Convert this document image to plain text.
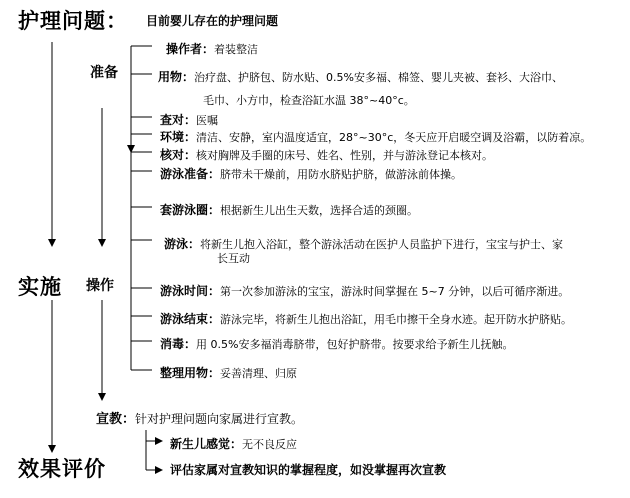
护理问题： 目前婴儿存在的护理问题
准备
操作者：着装整洁
用物：治疗盘、护脐包、防水贴、0.5%安多福、棉签、婴儿夹被、套衫、大浴巾、
毛巾、小方巾，检查浴缸水温 38°~40°c。
查对：医嘱
环境：清洁、安静，室内温度适宜，28°~30°c，冬天应开启暖空调及浴霸，以防着凉。
实施 操作
核对：核对胸牌及手圈的床号、姓名、性别，并与游泳登记本核对。
游泳准备：脐带未干燥前，用防水脐贴护脐，做游泳前体操。
套游泳圈：根据新生儿出生天数，选择合适的颈圈。
游泳：将新生儿抱入浴缸，整个游泳活动在医护人员监护下进行，宝宝与护士、家
长互动
游泳时间：第一次参加游泳的宝宝，游泳时间掌握在 5~7 分钟，以后可循序渐进。
游泳结束：游泳完毕，将新生儿抱出浴缸，用毛巾擦干全身水迹。起开防水护脐贴。
消毒：用 0.5%安多福消毒脐带，包好护脐带。按要求给予新生儿抚触。
整理用物：妥善清理、归原
宣教：针对护理问题向家属进行宣教。
效果评价
新生儿感觉：无不良反应
评估家属对宣教知识的掌握程度，如没掌握再次宣教
